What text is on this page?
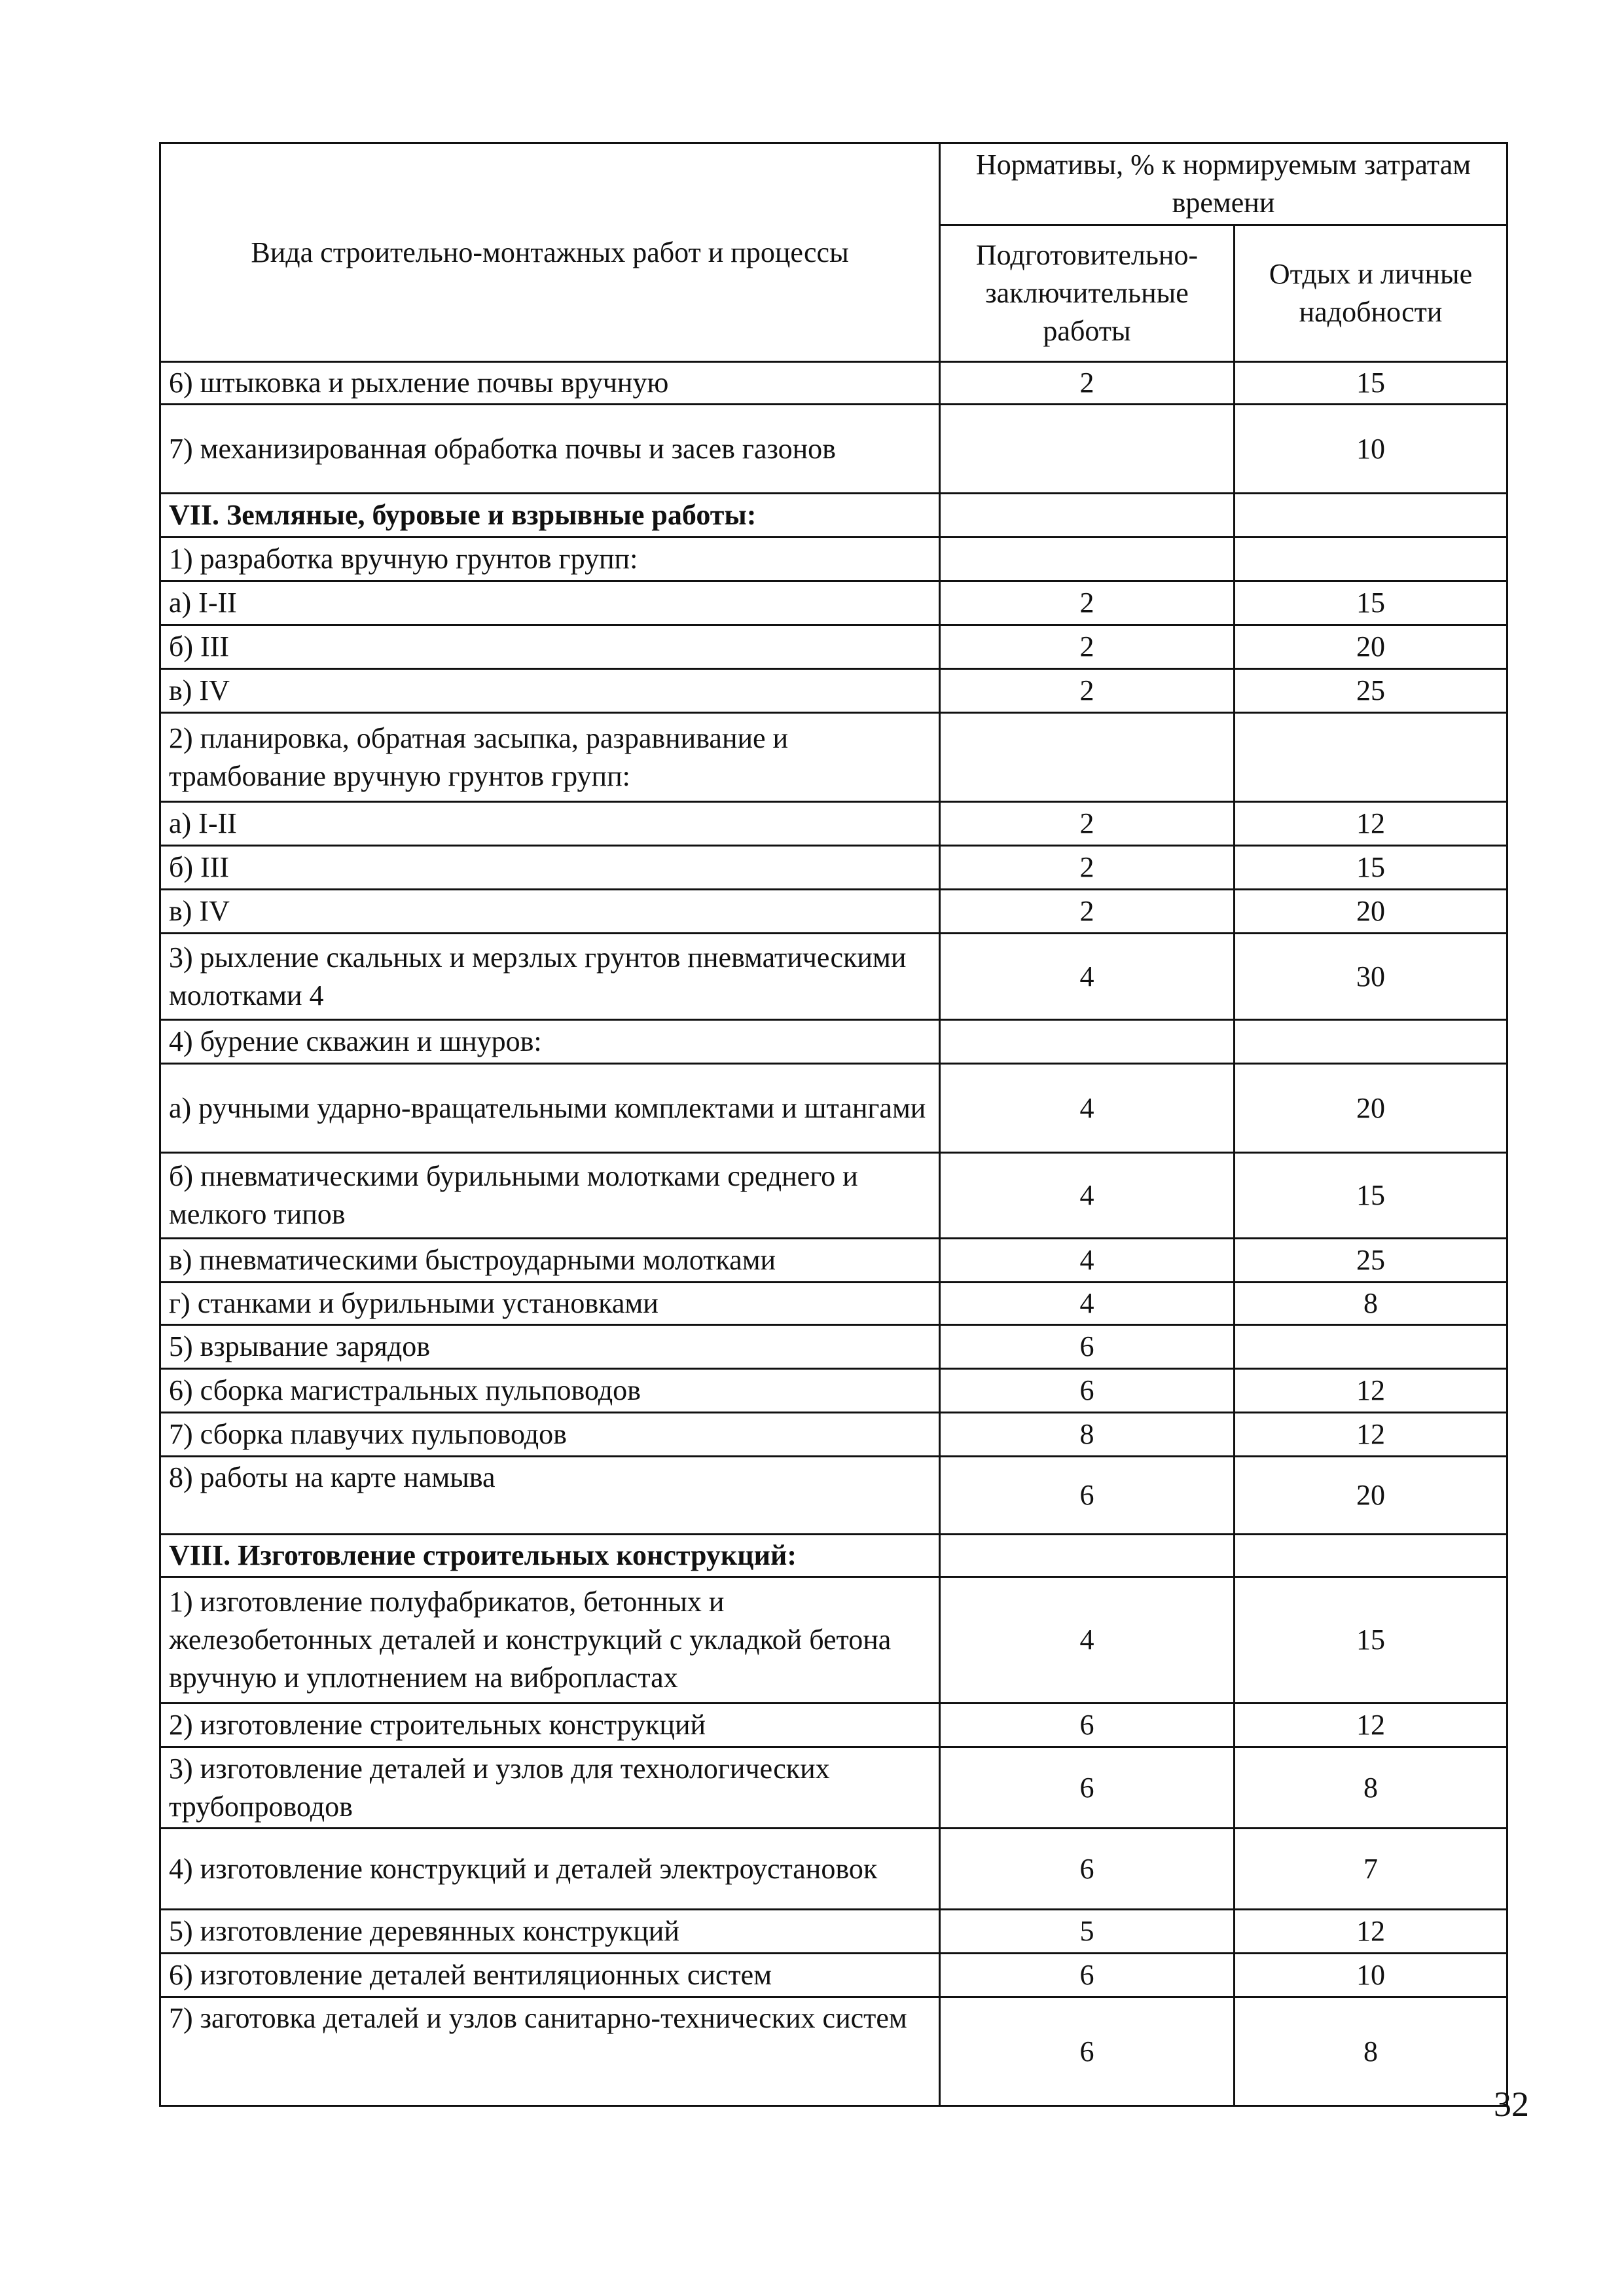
Вида строительно-монтажных работ и процессы	Нормативы, % к нормируемым затратам времени	
	Подготовительно-заключительные работы	Отдых и личные надобности
6) штыковка и рыхление почвы вручную	2	15
7) механизированная обработка почвы и засев газонов		10
VII. Земляные, буровые и взрывные работы:		
1) разработка вручную грунтов групп:		
а) I-II	2	15
б) III	2	20
в) IV	2	25
2) планировка, обратная засыпка, разравнивание и трамбование вручную грунтов групп:		
а) I-II	2	12
б) III	2	15
в) IV	2	20
3) рыхление скальных и мерзлых грунтов пневматическими молотками 4	4	30
4) бурение скважин и шнуров:		
а) ручными ударно-вращательными комплектами и штангами	4	20
б) пневматическими бурильными молотками среднего и мелкого типов	4	15
в) пневматическими быстроударными молотками	4	25
г) станками и бурильными установками	4	8
5) взрывание зарядов	6	
6) сборка магистральных пульповодов	6	12
7) сборка плавучих пульповодов	8	12
8) работы на карте намыва	6	20
VIII. Изготовление строительных конструкций:		
1) изготовление полуфабрикатов, бетонных и железобетонных деталей и конструкций с укладкой бетона вручную и уплотнением на вибропластах	4	15
2) изготовление строительных конструкций	6	12
3) изготовление деталей и узлов для технологических трубопроводов	6	8
4) изготовление конструкций и деталей электроустановок	6	7
5) изготовление деревянных конструкций	5	12
6) изготовление деталей вентиляционных систем	6	10
7) заготовка деталей и узлов санитарно-технических систем	6	8
32
